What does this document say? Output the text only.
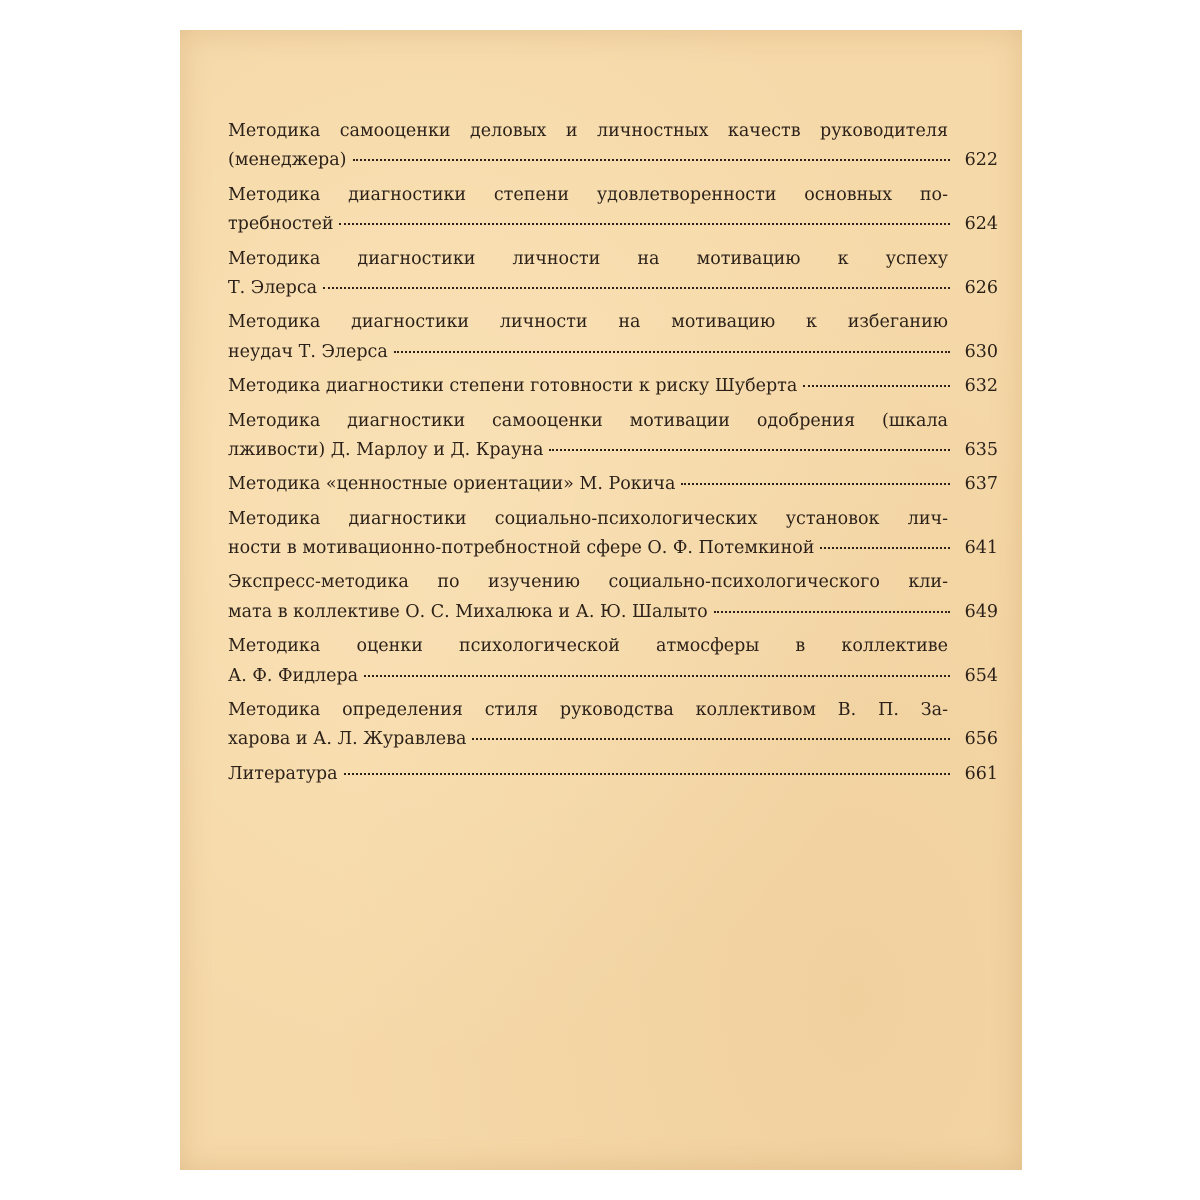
Методика самооценки деловых и личностных качеств руководителя
(менеджера)	622
Методика диагностики степени удовлетворенности основных по-
требностей	624
Методика диагностики личности на мотивацию к успеху
Т. Элерса	626
Методика диагностики личности на мотивацию к избеганию
неудач Т. Элерса	630
Методика диагностики степени готовности к риску Шуберта	632
Методика диагностики самооценки мотивации одобрения (шкала
лживости) Д. Марлоу и Д. Крауна	635
Методика «ценностные ориентации» М. Рокича	637
Методика диагностики социально-психологических установок лич-
ности в мотивационно-потребностной сфере О. Ф. Потемкиной	641
Экспресс-методика по изучению социально-психологического кли-
мата в коллективе О. С. Михалюка и А. Ю. Шалыто	649
Методика оценки психологической атмосферы в коллективе
А. Ф. Фидлера	654
Методика определения стиля руководства коллективом В. П. За-
харова и А. Л. Журавлева	656
Литература	661
